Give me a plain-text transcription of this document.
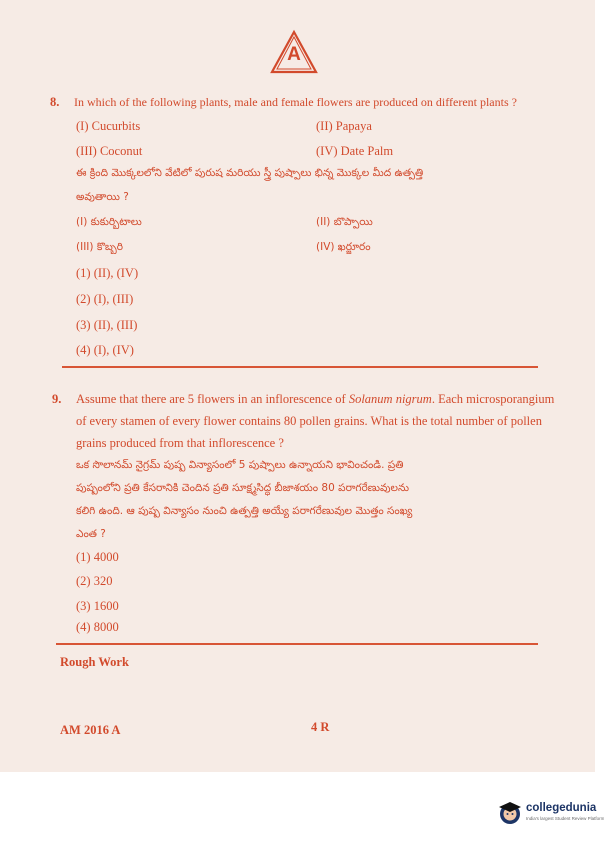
A
8. In which of the following plants, male and female flowers are produced on different plants ?
(I) Cucurbits	(II) Papaya
(III) Coconut	(IV) Date Palm
ఈ క్రింది మొక్కలలోని వేటిలో పురుష మరియు స్త్రీ పుష్పాలు భిన్న మొక్కల మీద ఉత్పత్తి
అవుతాయి ?
(I) కుకుర్బిటాలు	(II) బొప్పాయి
(III) కొబ్బరి	(IV) ఖర్జూరం
(1) (II), (IV)
(2) (I), (III)
(3) (II), (III)
(4) (I), (IV)
9. Assume that there are 5 flowers in an inflorescence of Solanum nigrum. Each microsporangium
of every stamen of every flower contains 80 pollen grains. What is the total number of pollen
grains produced from that inflorescence ?
ఒక సొలానమ్ నైగ్రమ్ పుష్ప విన్యాసంలో 5 పుష్పాలు ఉన్నాయని భావించండి. ప్రతి
పుష్పంలోని ప్రతి కేసరానికి చెందిన ప్రతి సూక్ష్మసిద్ధ బీజాశయం 80 పరాగరేణువులను
కలిగి ఉంది. ఆ పుష్ప విన్యాసం నుంచి ఉత్పత్తి అయ్యే పరాగరేణువుల మొత్తం సంఖ్య
ఎంత ?
(1) 4000
(2) 320
(3) 1600
(4) 8000
Rough Work
AM 2016 A	4 R
collegedunia
India's largest Student Review Platform
